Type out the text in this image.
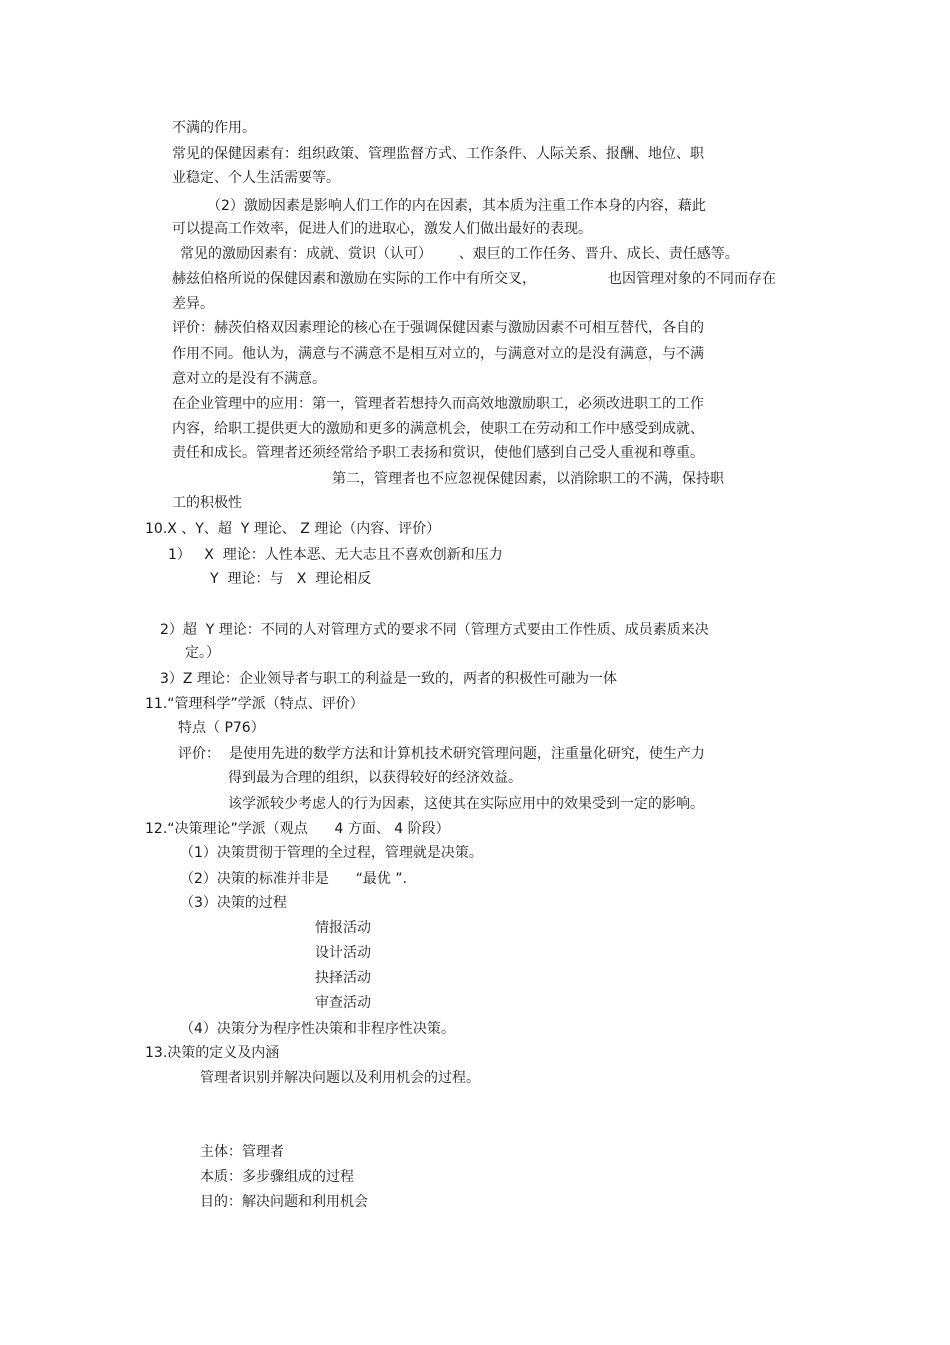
不满的作用。
常见的保健因素有：组织政策、管理监督方式、工作条件、人际关系、报酬、地位、职
业稳定、个人生活需要等。
（2）激励因素是影响人们工作的内在因素，其本质为注重工作本身的内容，藉此
可以提高工作效率，促进人们的进取心，激发人们做出最好的表现。
常见的激励因素有：成就、赏识（认可）      、艰巨的工作任务、晋升、成长、责任感等。
赫兹伯格所说的保健因素和激励在实际的工作中有所交叉，	也因管理对象的不同而存在
差异。
评价：赫茨伯格双因素理论的核心在于强调保健因素与激励因素不可相互替代，各自的
作用不同。他认为，满意与不满意不是相互对立的，与满意对立的是没有满意，与不满
意对立的是没有不满意。
在企业管理中的应用：第一，管理者若想持久而高效地激励职工，必须改进职工的工作
内容，给职工提供更大的激励和更多的满意机会，使职工在劳动和工作中感受到成就、
责任和成长。管理者还须经常给予职工表扬和赏识，使他们感到自己受人重视和尊重。
第二，管理者也不应忽视保健因素，以消除职工的不满，保持职
工的积极性
10.X 、Y、超  Y 理论、 Z 理论（内容、评价）
1）   X  理论：人性本恶、无大志且不喜欢创新和压力
Y  理论：与   X  理论相反
2）超  Y 理论：不同的人对管理方式的要求不同（管理方式要由工作性质、成员素质来决
定。）
3）Z 理论：企业领导者与职工的利益是一致的，两者的积极性可融为一体
11.“管理科学”学派（特点、评价）
特点（ P76）
评价：  是使用先进的数学方法和计算机技术研究管理问题，注重量化研究，使生产力
得到最为合理的组织，以获得较好的经济效益。
该学派较少考虑人的行为因素，这使其在实际应用中的效果受到一定的影响。
12.“决策理论”学派（观点      4 方面、 4 阶段）
（1）决策贯彻于管理的全过程，管理就是决策。
（2）决策的标准并非是      “最优 ”.
（3）决策的过程
情报活动
设计活动
抉择活动
审查活动
（4）决策分为程序性决策和非程序性决策。
13.决策的定义及内涵
管理者识别并解决问题以及利用机会的过程。
主体：管理者
本质：多步骤组成的过程
目的：解决问题和利用机会
